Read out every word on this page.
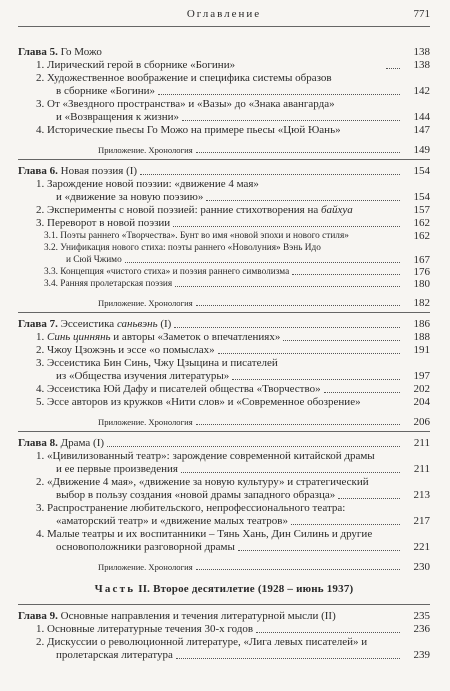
Оглавление	771
Глава 5. Го Можо	138
1. Лирический герой в сборнике «Богини»	138
2. Художественное воображение и специфика системы образов
в сборнике «Богини»	142
3. От «Звездного пространства» и «Вазы» до «Знака авангарда»
и «Возвращения к жизни»	144
4. Исторические пьесы Го Можо на примере пьесы «Цюй Юань»	147
Приложение. Хронология	149
Глава 6. Новая поэзия (I)	154
1. Зарождение новой поэзии: «движение 4 мая»
и «движение за новую поэзию»	154
2. Эксперименты с новой поэзией: ранние стихотворения на байхуа	157
3. Переворот в новой поэзии	162
3.1. Поэты раннего «Творчества». Бунт во имя «новой эпохи и нового стиля»	162
3.2. Унификация нового стиха: поэты раннего «Новолуния» Вэнь Идо
и Сюй Чжимо	167
3.3. Концепция «чистого стиха» и поэзия раннего символизма	176
3.4. Ранняя пролетарская поэзия	180
Приложение. Хронология	182
Глава 7. Эссеистика саньвэнь (I)	186
1. Синь циннянь и авторы «Заметок о впечатлениях»	188
2. Чжоу Цзожэнь и эссе «о помыслах»	191
3. Эссеистика Бин Синь, Чжу Цзыцина и писателей
из «Общества изучения литературы»	197
4. Эссеистика Юй Дафу и писателей общества «Творчество»	202
5. Эссе авторов из кружков «Нити слов» и «Современное обозрение»	204
Приложение. Хронология	206
Глава 8. Драма (I)	211
1. «Цивилизованный театр»: зарождение современной китайской драмы
и ее первые произведения	211
2. «Движение 4 мая», «движение за новую культуру» и стратегический
выбор в пользу создания «новой драмы западного образца»	213
3. Распространение любительского, непрофессионального театра:
«аматорский театр» и «движение малых театров»	217
4. Малые театры и их воспитанники – Тянь Хань, Дин Силинь и другие
основоположники разговорной драмы	221
Приложение. Хронология	230
Часть II. Второе десятилетие (1928 – июнь 1937)
Глава 9. Основные направления и течения литературной мысли (II)	235
1. Основные литературные течения 30-х годов	236
2. Дискуссии о революционной литературе, «Лига левых писателей» и
пролетарская литература	239
